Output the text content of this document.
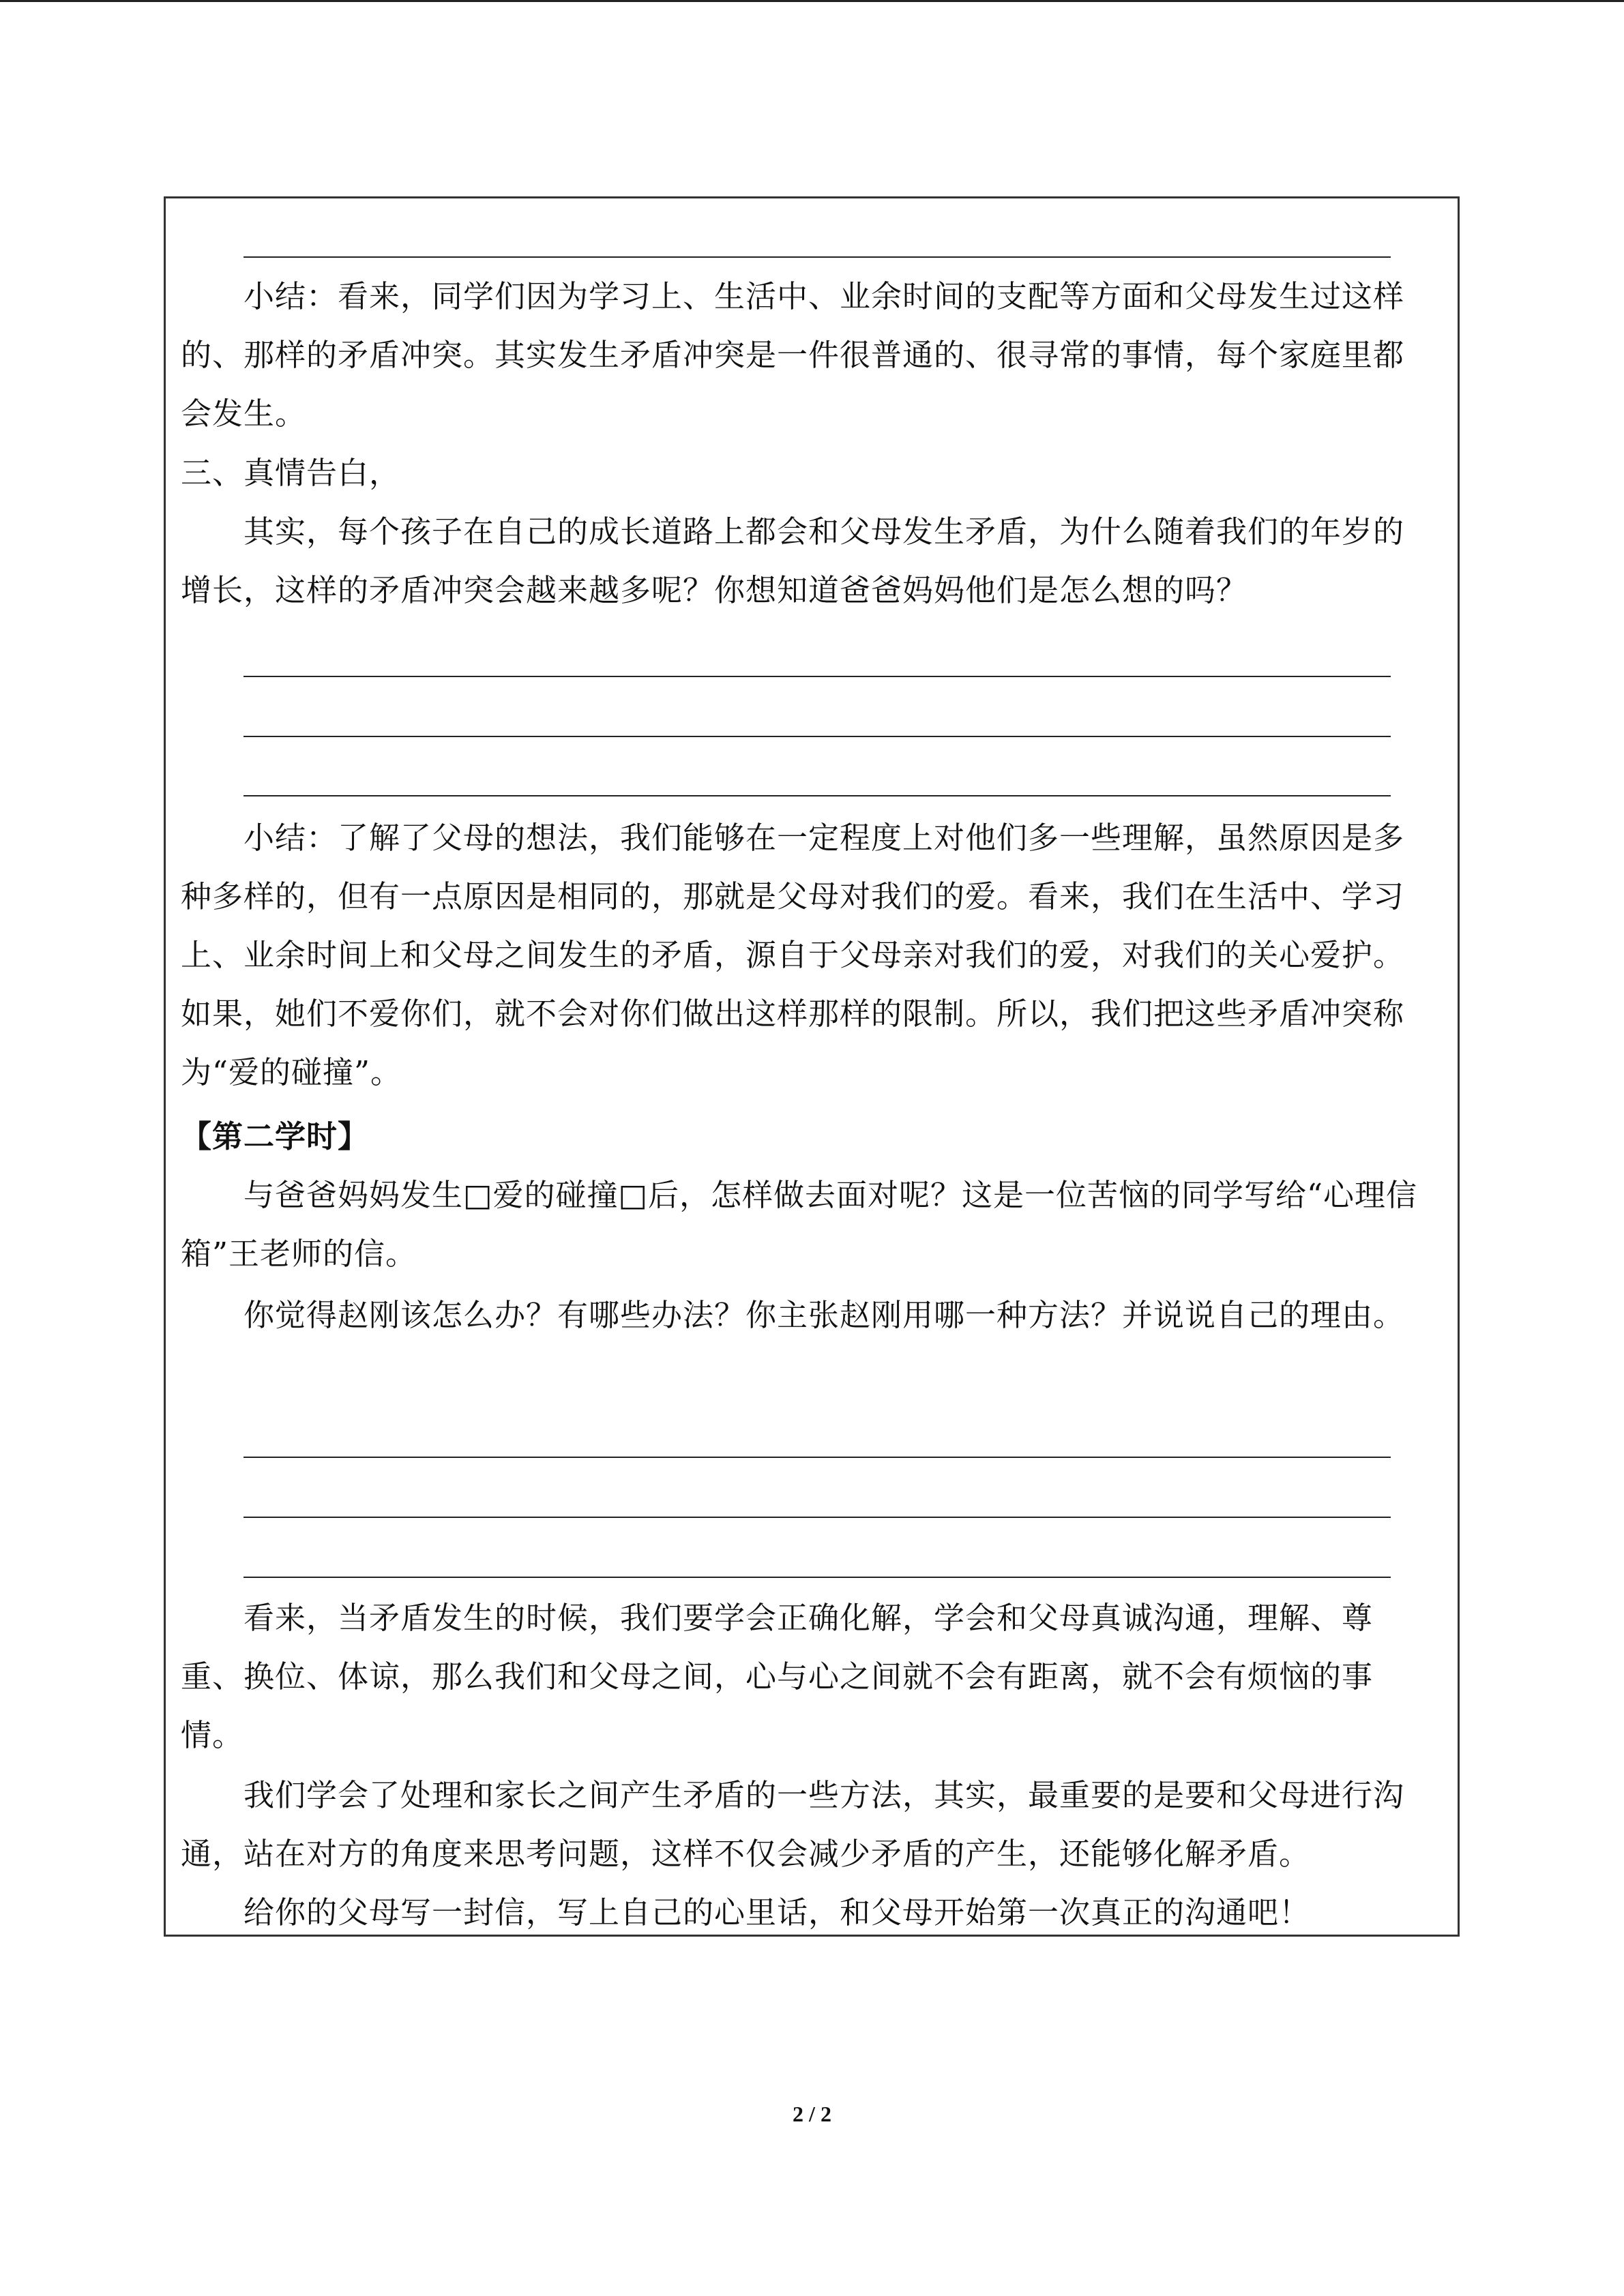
小结：看来，同学们因为学习上、生活中、业余时间的支配等方面和父母发生过这样的、那样的矛盾冲突。其实发生矛盾冲突是一件很普通的、很寻常的事情，每个家庭里都会发生。

三、真情告白，

其实，每个孩子在自己的成长道路上都会和父母发生矛盾，为什么随着我们的年岁的增长，这样的矛盾冲突会越来越多呢？你想知道爸爸妈妈他们是怎么想的吗？

小结：了解了父母的想法，我们能够在一定程度上对他们多一些理解，虽然原因是多种多样的，但有一点原因是相同的，那就是父母对我们的爱。看来，我们在生活中、学习上、业余时间上和父母之间发生的矛盾，源自于父母亲对我们的爱，对我们的关心爱护。如果，她们不爱你们，就不会对你们做出这样那样的限制。所以，我们把这些矛盾冲突称为“爱的碰撞”。

【第二学时】

与爸爸妈妈发生□爱的碰撞□后，怎样做去面对呢？这是一位苦恼的同学写给“心理信箱”王老师的信。

你觉得赵刚该怎么办？有哪些办法？你主张赵刚用哪一种方法？并说说自己的理由。

看来，当矛盾发生的时候，我们要学会正确化解，学会和父母真诚沟通，理解、尊重、换位、体谅，那么我们和父母之间，心与心之间就不会有距离，就不会有烦恼的事情。

我们学会了处理和家长之间产生矛盾的一些方法，其实，最重要的是要和父母进行沟通，站在对方的角度来思考问题，这样不仅会减少矛盾的产生，还能够化解矛盾。

给你的父母写一封信，写上自己的心里话，和父母开始第一次真正的沟通吧！

2 / 2
